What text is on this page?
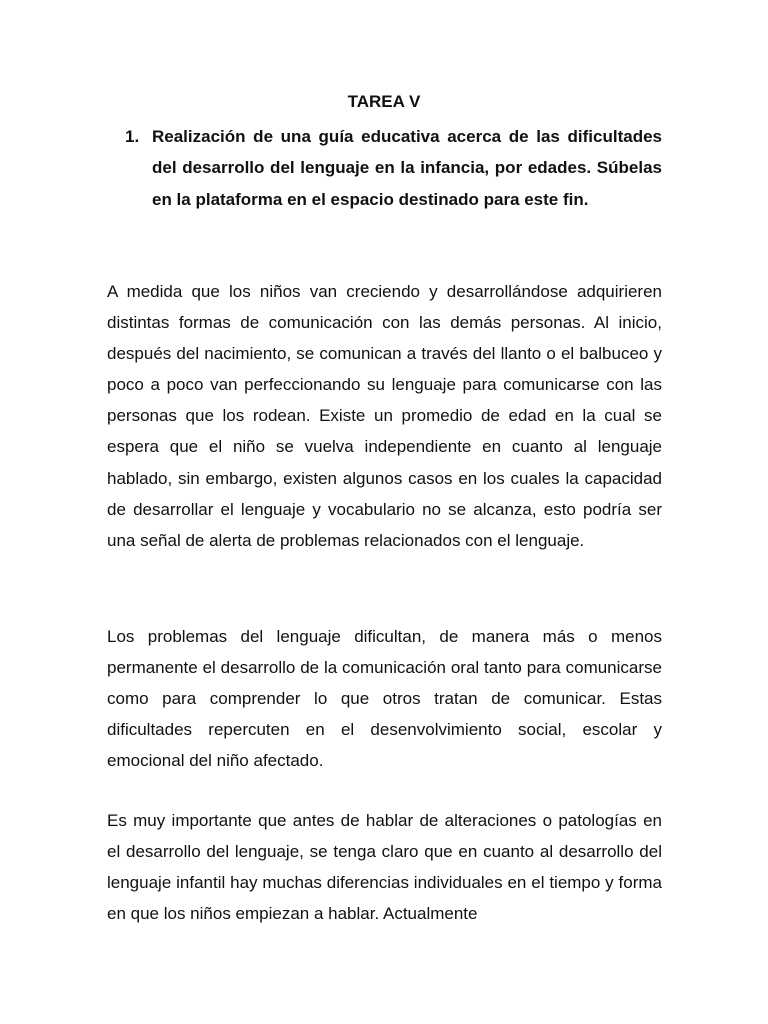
TAREA V
1. Realización de una guía educativa acerca de las dificultades del desarrollo del lenguaje en la infancia, por edades. Súbelas en la plataforma en el espacio destinado para este fin.

A medida que los niños van creciendo y desarrollándose adquirieren distintas formas de comunicación con las demás personas. Al inicio, después del nacimiento, se comunican a través del llanto o el balbuceo y poco a poco van perfeccionando su lenguaje para comunicarse con las personas que los rodean. Existe un promedio de edad en la cual se espera que el niño se vuelva independiente en cuanto al lenguaje hablado, sin embargo, existen algunos casos en los cuales la capacidad de desarrollar el lenguaje y vocabulario no se alcanza, esto podría ser una señal de alerta de problemas relacionados con el lenguaje.

Los problemas del lenguaje dificultan, de manera más o menos permanente el desarrollo de la comunicación oral tanto para comunicarse como para comprender lo que otros tratan de comunicar. Estas dificultades repercuten en el desenvolvimiento social, escolar y emocional del niño afectado.

Es muy importante que antes de hablar de alteraciones o patologías en el desarrollo del lenguaje, se tenga claro que en cuanto al desarrollo del lenguaje infantil hay muchas diferencias individuales en el tiempo y forma en que los niños empiezan a hablar. Actualmente
